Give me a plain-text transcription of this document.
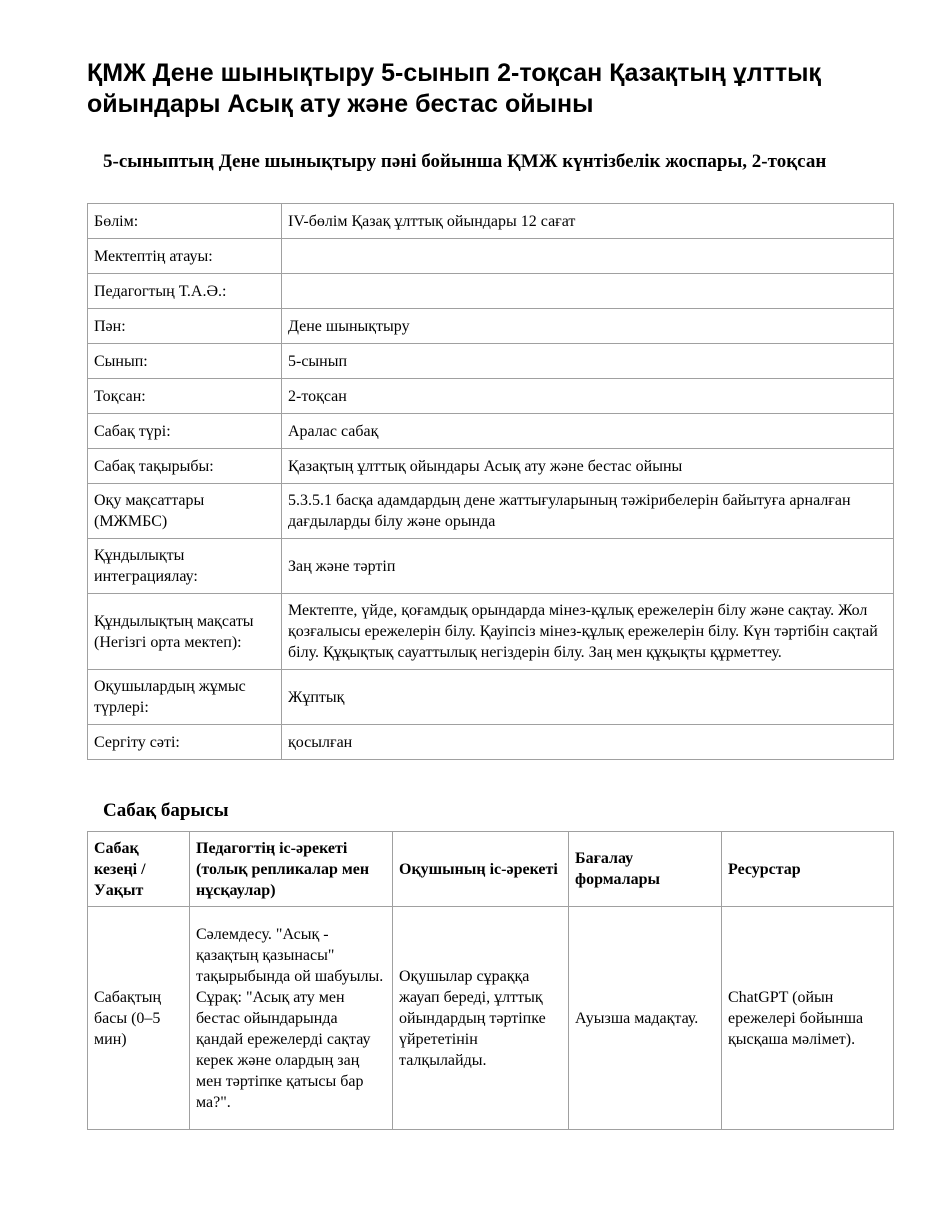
ҚМЖ Дене шынықтыру 5-сынып 2-тоқсан Қазақтың ұлттық ойындары Асық ату және бестас ойыны
5-сыныптың Дене шынықтыру пәні бойынша ҚМЖ күнтізбелік жоспары, 2-тоқсан
Бөлім:	IV-бөлім Қазақ ұлттық ойындары 12 сағат
Мектептің атауы:	
Педагогтың Т.А.Ә.:	
Пән:	Дене шынықтыру
Сынып:	5-сынып
Тоқсан:	2-тоқсан
Сабақ түрі:	Аралас сабақ
Сабақ тақырыбы:	Қазақтың ұлттық ойындары Асық ату және бестас ойыны
Оқу мақсаттары (МЖМБС)	5.3.5.1 басқа адамдардың дене жаттығуларының тәжірибелерін байытуға арналған дағдыларды білу және орында
Құндылықты интеграциялау:	Заң және тәртіп
Құндылықтың мақсаты (Негізгі орта мектеп):	Мектепте, үйде, қоғамдық орындарда мінез-құлық ережелерін білу және сақтау. Жол қозғалысы ережелерін білу. Қауіпсіз мінез-құлық ережелерін білу. Күн тәртібін сақтай білу. Құқықтық сауаттылық негіздерін білу. Заң мен құқықты құрметтеу.
Оқушылардың жұмыс түрлері:	Жұптық
Сергіту сәті:	қосылған
Сабақ барысы
Сабақ кезеңі / Уақыт	Педагогтің іс-әрекеті (толық репликалар мен нұсқаулар)	Оқушының іс-әрекеті	Бағалау формалары	Ресурстар
Сабақтың басы (0–5 мин)	Сәлемдесу. "Асық - қазақтың қазынасы" тақырыбында ой шабуылы. Сұрақ: "Асық ату мен бестас ойындарында қандай ережелерді сақтау керек және олардың заң мен тәртіпке қатысы бар ма?".	Оқушылар сұраққа жауап береді, ұлттық ойындардың тәртіпке үйрететінін талқылайды.	Ауызша мадақтау.	ChatGPT (ойын ережелері бойынша қысқаша мәлімет).
